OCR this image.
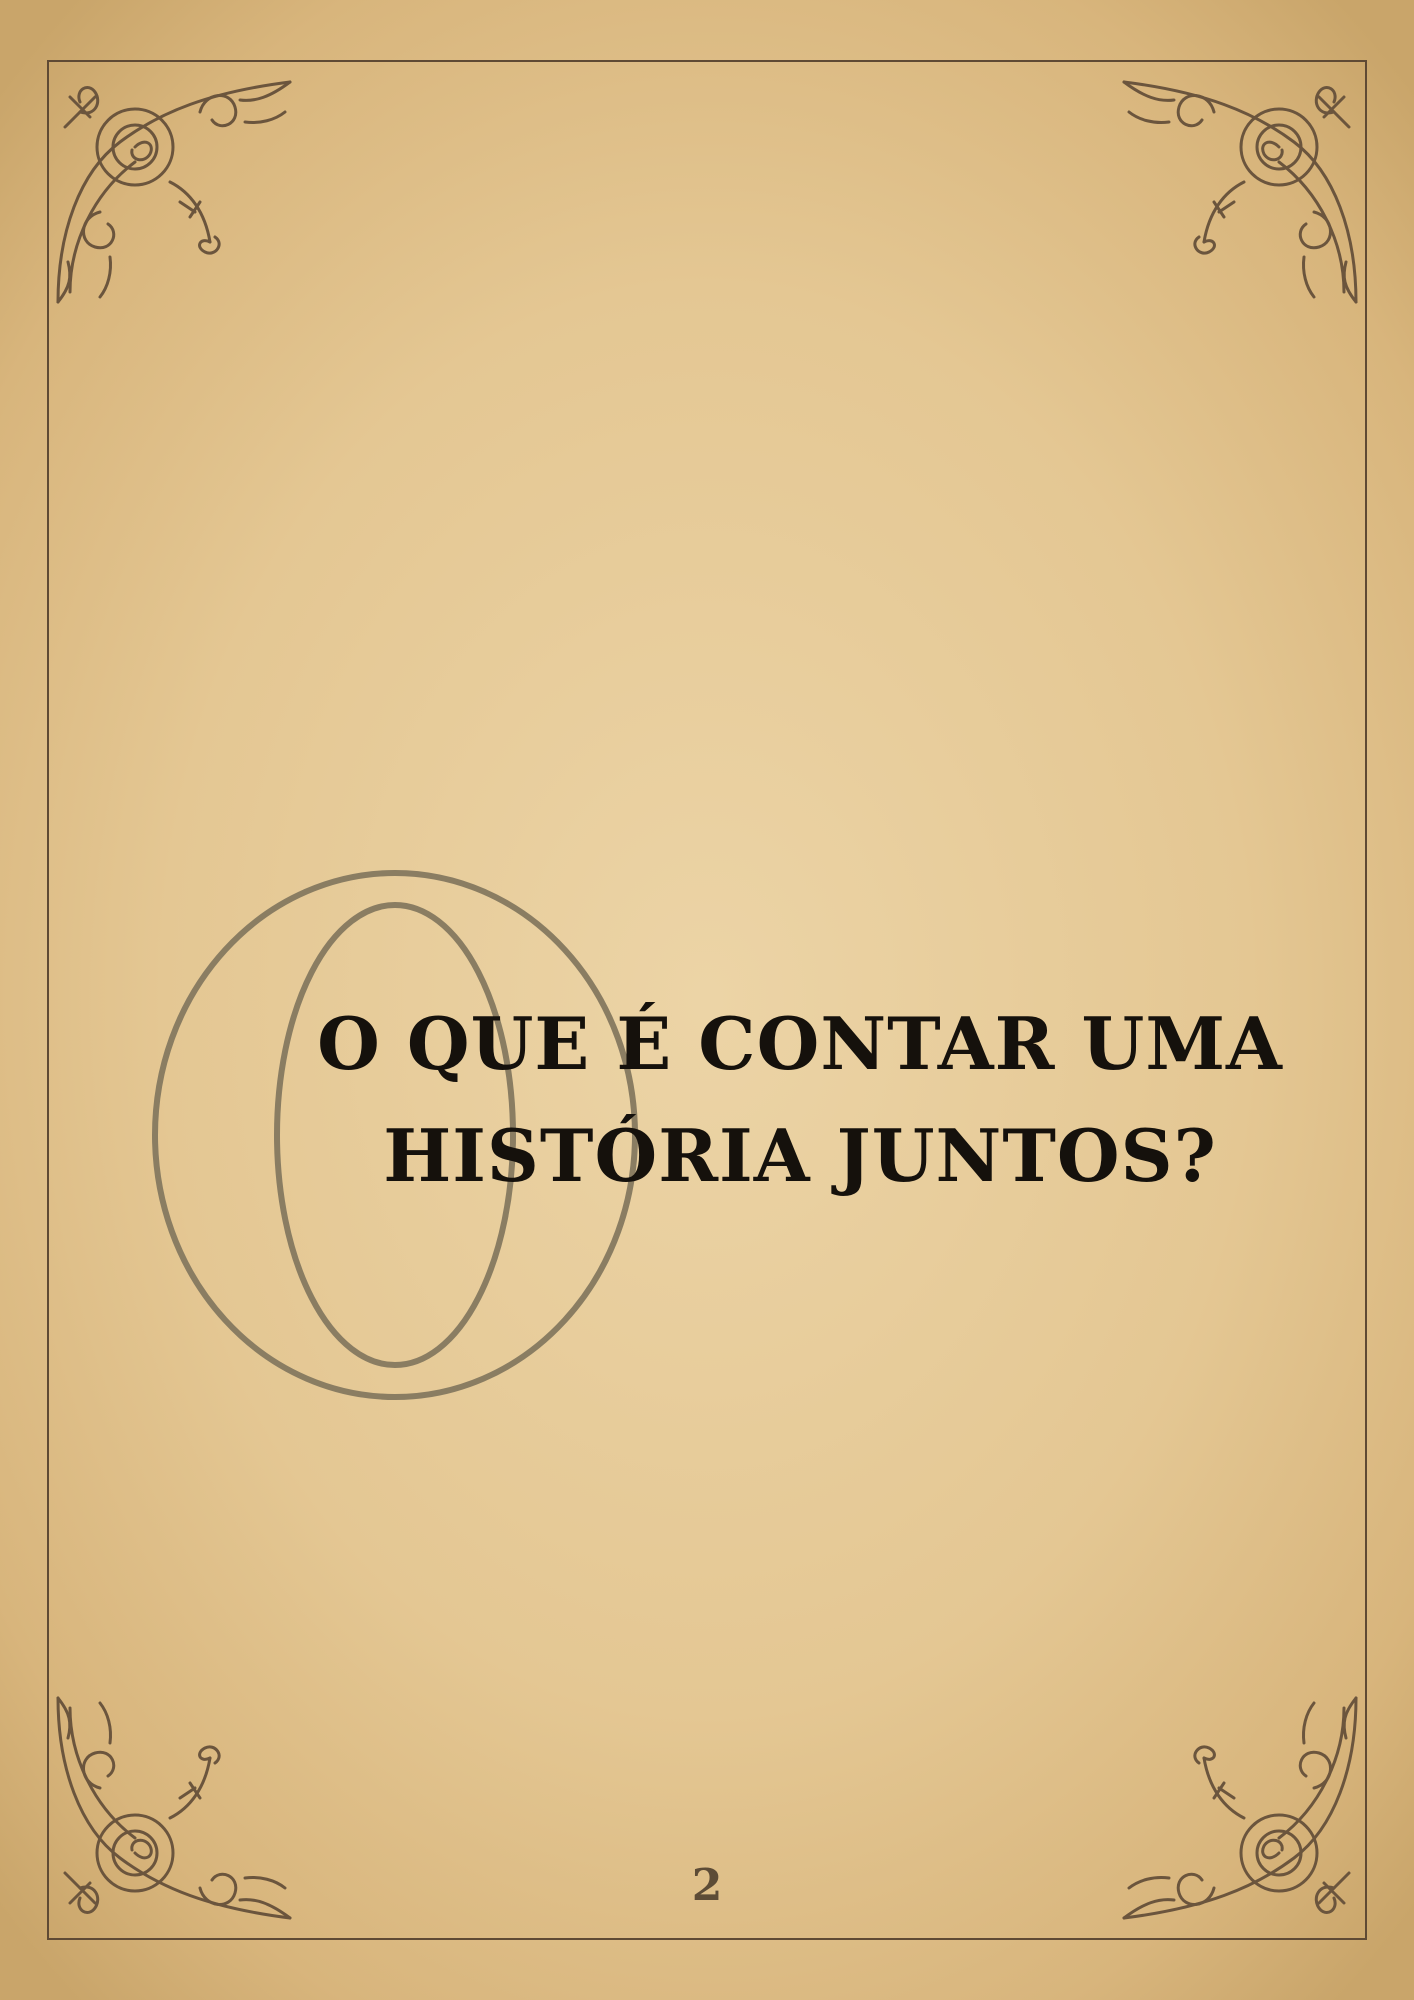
O QUE É CONTAR UMA
HISTÓRIA JUNTOS?
2
